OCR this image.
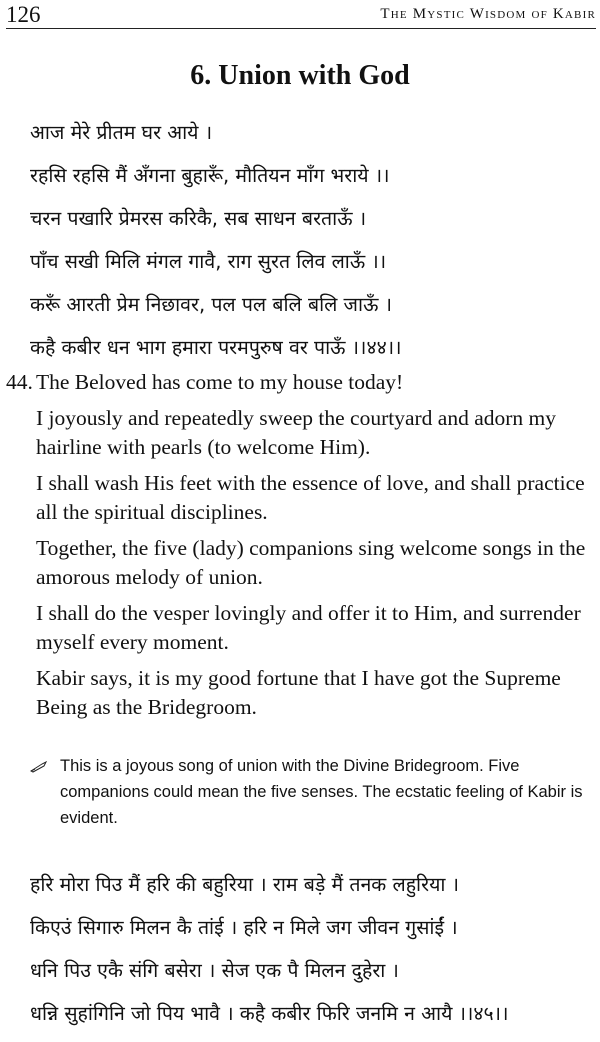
126	The Mystic Wisdom of Kabir
6. Union with God
आज मेरे प्रीतम घर आये ।
रहसि रहसि मैं अँगना बुहारूँ, मौतियन माँग भराये ।।
चरन पखारि प्रेमरस करिकै, सब साधन बरताऊँ ।
पाँच सखी मिलि मंगल गावै, राग सुरत लिव लाऊँ ।।
करूँ आरती प्रेम निछावर, पल पल बलि बलि जाऊँ ।
कहै कबीर धन भाग हमारा परमपुरुष वर पाऊँ ।।४४।।
44. The Beloved has come to my house today!
I joyously and repeatedly sweep the courtyard and adorn my hairline with pearls (to welcome Him).
I shall wash His feet with the essence of love, and shall practice all the spiritual disciplines.
Together, the five (lady) companions sing welcome songs in the amorous melody of union.
I shall do the vesper lovingly and offer it to Him, and surrender myself every moment.
Kabir says, it is my good fortune that I have got the Supreme Being as the Bridegroom.
This is a joyous song of union with the Divine Bridegroom. Five companions could mean the five senses. The ecstatic feeling of Kabir is evident.
हरि मोरा पिउ मैं हरि की बहुरिया । राम बड़े मैं तनक लहुरिया ।
किएउं सिगारु मिलन कै तांई । हरि न मिले जग जीवन गुसांईं ।
धनि पिउ एकै संगि बसेरा । सेज एक पै मिलन दुहेरा ।
धन्नि सुहांगिनि जो पिय भावै । कहै कबीर फिरि जनमि न आयै ।।४५।।
